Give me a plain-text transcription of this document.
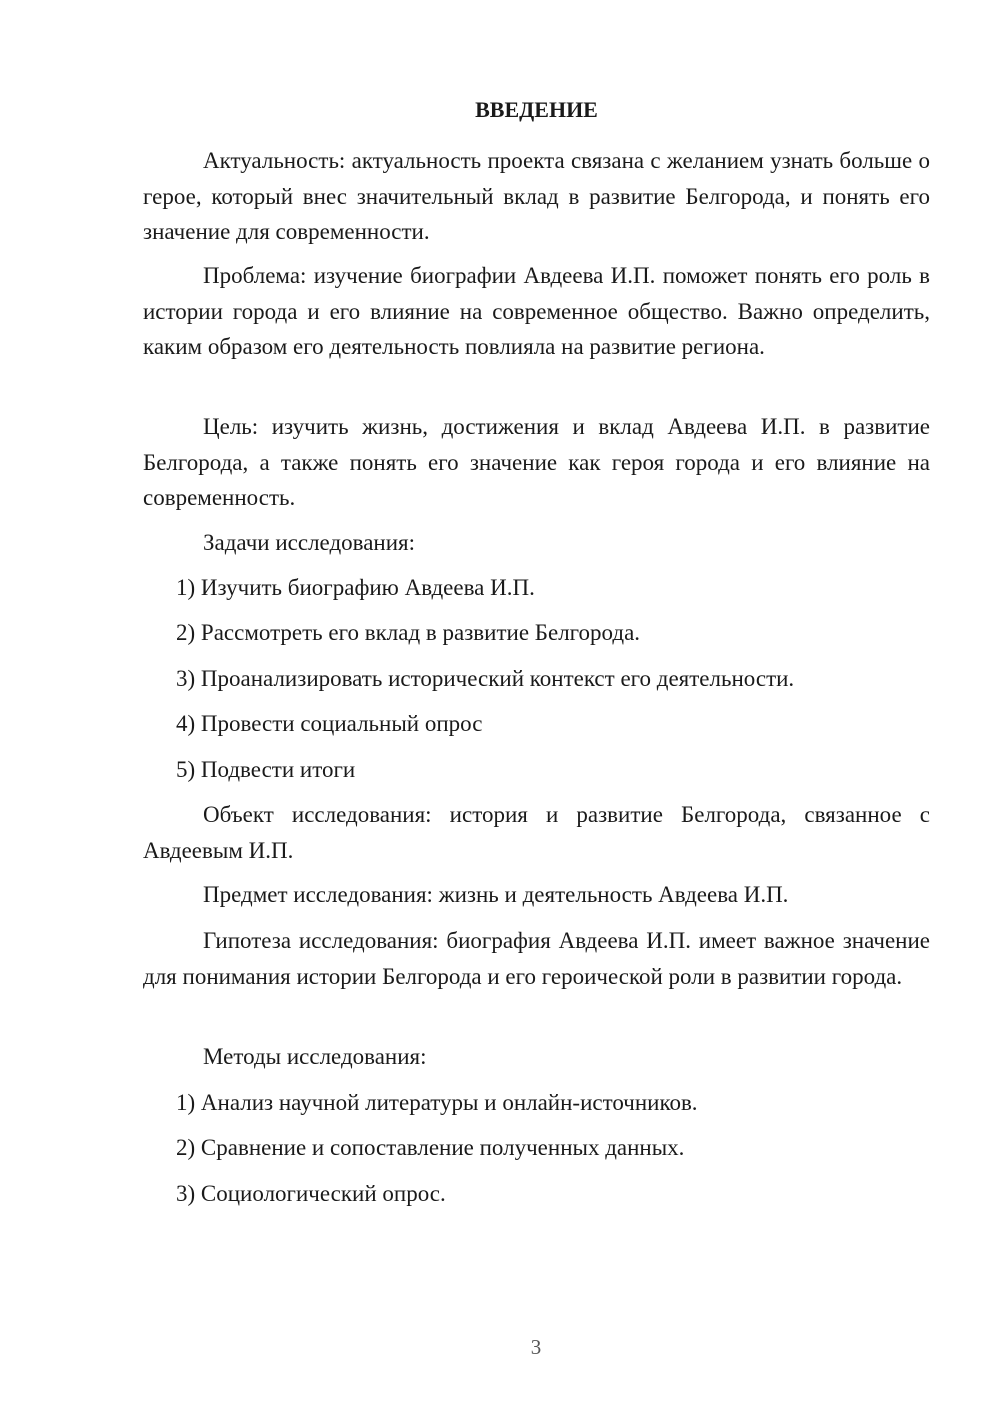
ВВЕДЕНИЕ

Актуальность: актуальность проекта связана с желанием узнать больше о герое, который внес значительный вклад в развитие Белгорода, и понять его значение для современности.

Проблема: изучение биографии Авдеева И.П. поможет понять его роль в истории города и его влияние на современное общество. Важно определить, каким образом его деятельность повлияла на развитие региона.

Цель: изучить жизнь, достижения и вклад Авдеева И.П. в развитие Белгорода, а также понять его значение как героя города и его влияние на современность.

Задачи исследования:

1) Изучить биографию Авдеева И.П.

2) Рассмотреть его вклад в развитие Белгорода.

3) Проанализировать исторический контекст его деятельности.

4) Провести социальный опрос

5) Подвести итоги

Объект исследования: история и развитие Белгорода, связанное с Авдеевым И.П.

Предмет исследования: жизнь и деятельность Авдеева И.П.

Гипотеза исследования: биография Авдеева И.П. имеет важное значение для понимания истории Белгорода и его героической роли в развитии города.

Методы исследования:

1) Анализ научной литературы и онлайн-источников.

2) Сравнение и сопоставление полученных данных.

3) Социологический опрос.

3
